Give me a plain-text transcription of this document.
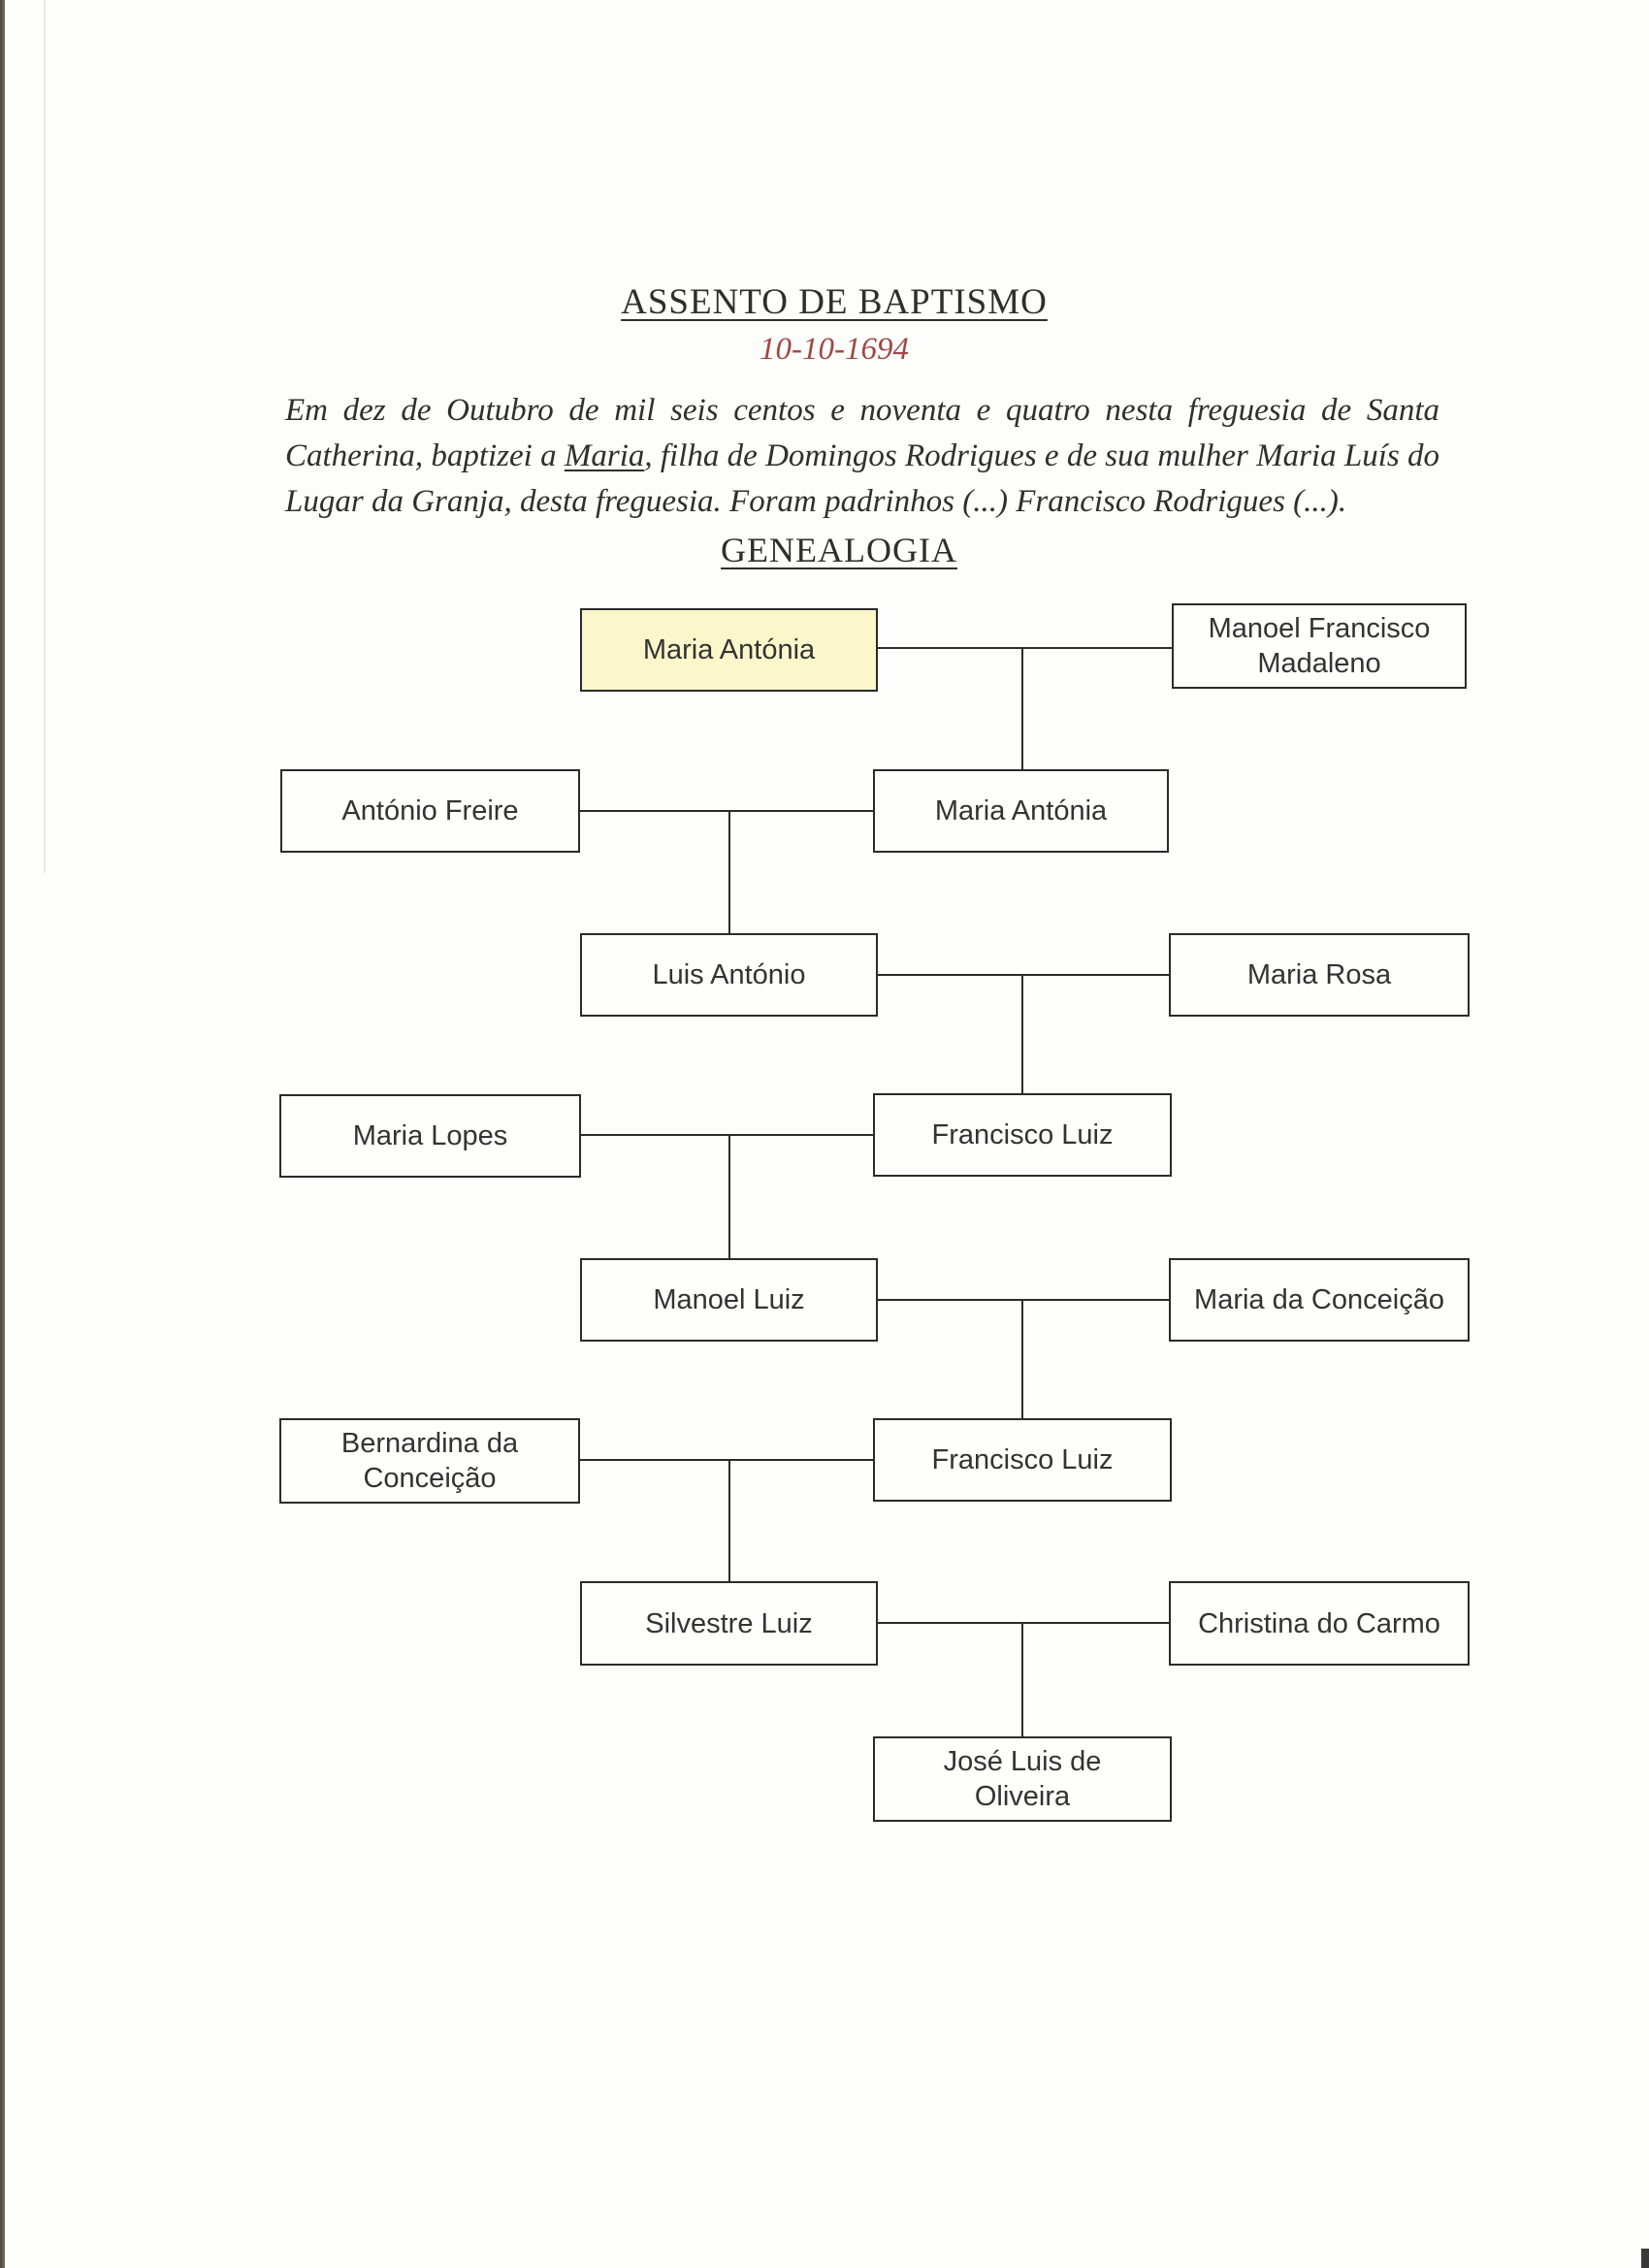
ASSENTO DE BAPTISMO
10-10-1694
Em dez de Outubro de mil seis centos e noventa e quatro nesta freguesia de Santa Catherina, baptizei a Maria, filha de Domingos Rodrigues e de sua mulher Maria Luís do Lugar da Granja, desta freguesia. Foram padrinhos (...) Francisco Rodrigues (...).
GENEALOGIA
Maria Antónia
Manoel Francisco Madaleno
António Freire	Maria Antónia
Luis António	Maria Rosa
Maria Lopes	Francisco Luiz
Manoel Luiz	Maria da Conceição
Bernardina da Conceição
Francisco Luiz
Silvestre Luiz	Christina do Carmo
José Luis de Oliveira
